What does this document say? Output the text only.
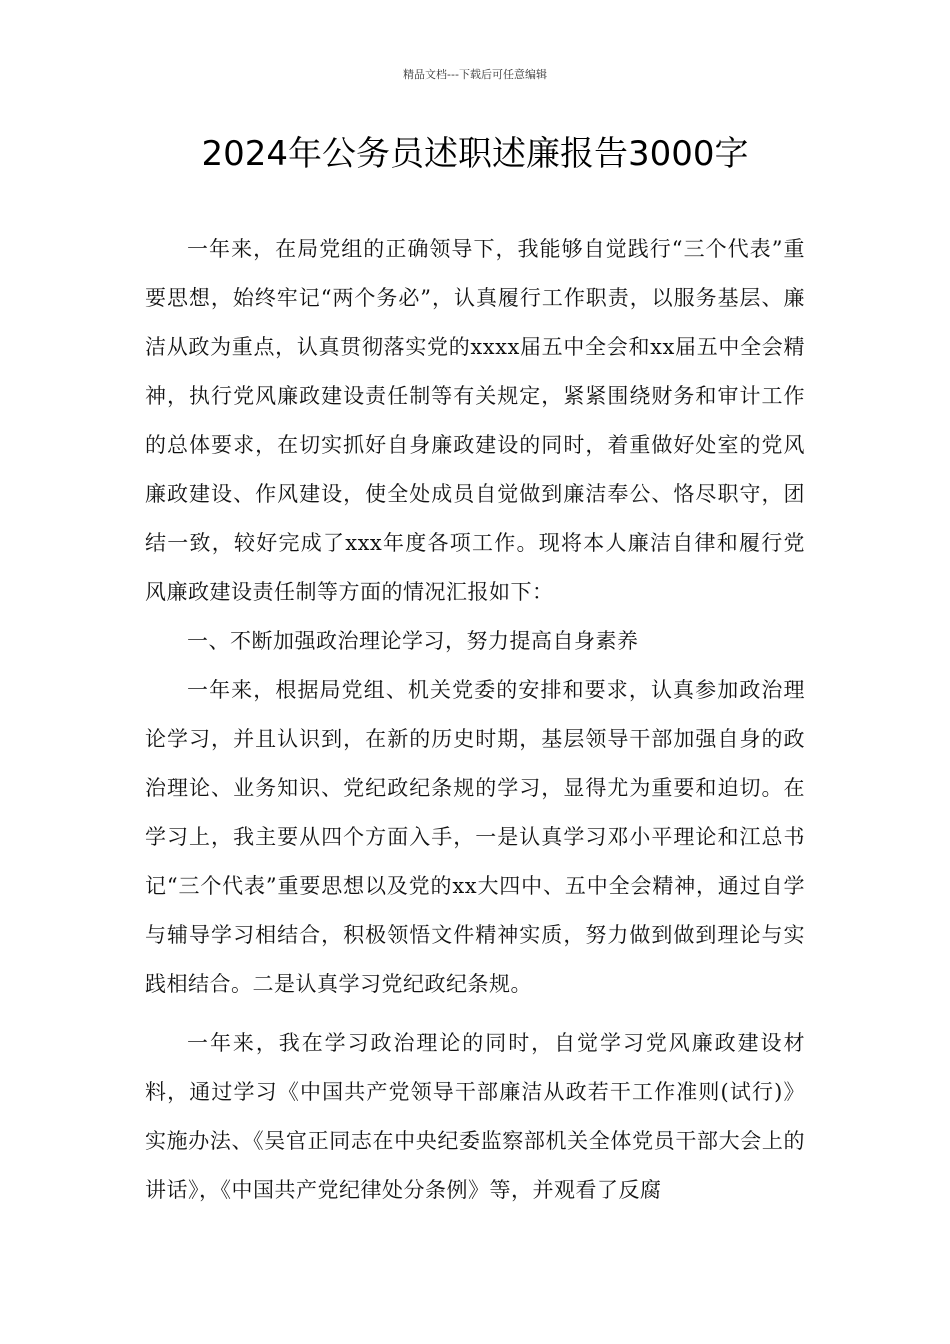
精品文档---下载后可任意编辑
2024年公务员述职述廉报告3000字

一年来，在局党组的正确领导下，我能够自觉践行“三个代表”重要思想，始终牢记“两个务必”，认真履行工作职责，以服务基层、廉洁从政为重点，认真贯彻落实党的xxxx届五中全会和xx届五中全会精神，执行党风廉政建设责任制等有关规定，紧紧围绕财务和审计工作的总体要求，在切实抓好自身廉政建设的同时，着重做好处室的党风廉政建设、作风建设，使全处成员自觉做到廉洁奉公、恪尽职守，团结一致，较好完成了xxx年度各项工作。现将本人廉洁自律和履行党风廉政建设责任制等方面的情况汇报如下：

一、不断加强政治理论学习，努力提高自身素养

一年来，根据局党组、机关党委的安排和要求，认真参加政治理论学习，并且认识到，在新的历史时期，基层领导干部加强自身的政治理论、业务知识、党纪政纪条规的学习，显得尤为重要和迫切。在学习上，我主要从四个方面入手，一是认真学习邓小平理论和江总书记“三个代表”重要思想以及党的xx大四中、五中全会精神，通过自学与辅导学习相结合，积极领悟文件精神实质，努力做到做到理论与实践相结合。二是认真学习党纪政纪条规。

一年来，我在学习政治理论的同时，自觉学习党风廉政建设材料，通过学习《中国共产党领导干部廉洁从政若干工作准则(试行)》实施办法、《吴官正同志在中央纪委监察部机关全体党员干部大会上的讲话》，《中国共产党纪律处分条例》等，并观看了反腐
